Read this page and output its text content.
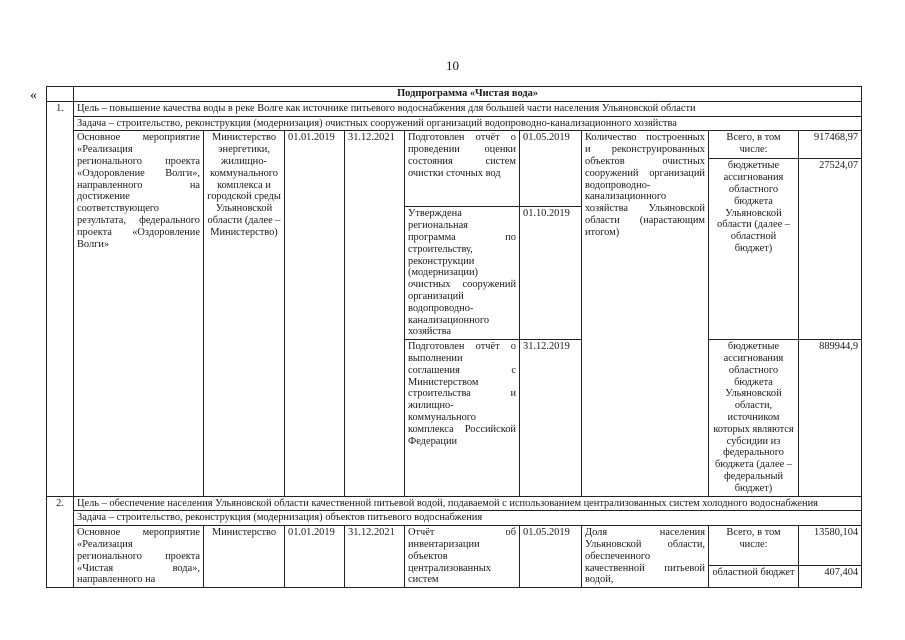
10
«
		Подпрограмма «Чистая вода»								
1.	Цель – повышение качества воды в реке Волге как источнике питьевого водоснабжения для большей части населения Ульяновской области								
	Задача – строительство, реконструкция (модернизация) очистных сооружений организаций водопроводно-канализационного хозяйства								
	Основное мероприятие «Реализация регионального проекта «Оздоровление Волги», направленного на достижение соответствующего результата, федерального проекта «Оздоровление Волги»	Министерство энергетики, жилищно-коммунального комплекса и городской среды Ульяновской области (далее – Министерство)	01.01.2019	31.12.2021	Подготовлен отчёт о проведении оценки состояния систем очистки сточных вод	01.05.2019	Количество построенных и реконструированных объектов очистных сооружений организаций водопроводно-канализационного хозяйства Ульяновской области (нарастающим итогом)	Всего, в том числе:	917468,97
								бюджетные ассигнования областного бюджета Ульяновской области (далее – областной бюджет)	27524,07
					Утверждена региональная программа по строительству, реконструкции (модернизации) очистных сооружений организаций водопроводно-канализационного хозяйства	01.10.2019			
					Подготовлен отчёт о выполнении соглашения с Министерством строительства и жилищно-коммунального комплекса Российской Федерации	31.12.2019		бюджетные ассигнования областного бюджета Ульяновской области, источником которых являются субсидии из федерального бюджета (далее – федеральный бюджет)	889944,9
2.	Цель – обеспечение населения Ульяновской области качественной питьевой водой, подаваемой с использованием централизованных систем холодного водоснабжения								
	Задача – строительство, реконструкция (модернизация) объектов питьевого водоснабжения								
	Основное мероприятие «Реализация регионального проекта «Чистая вода», направленного на	Министерство	01.01.2019	31.12.2021	Отчёт об инвентаризации объектов централизованных систем	01.05.2019	Доля населения Ульяновской области, обеспеченного качественной питьевой водой,	Всего, в том числе:	13580,104
								областной бюджет	407,404
